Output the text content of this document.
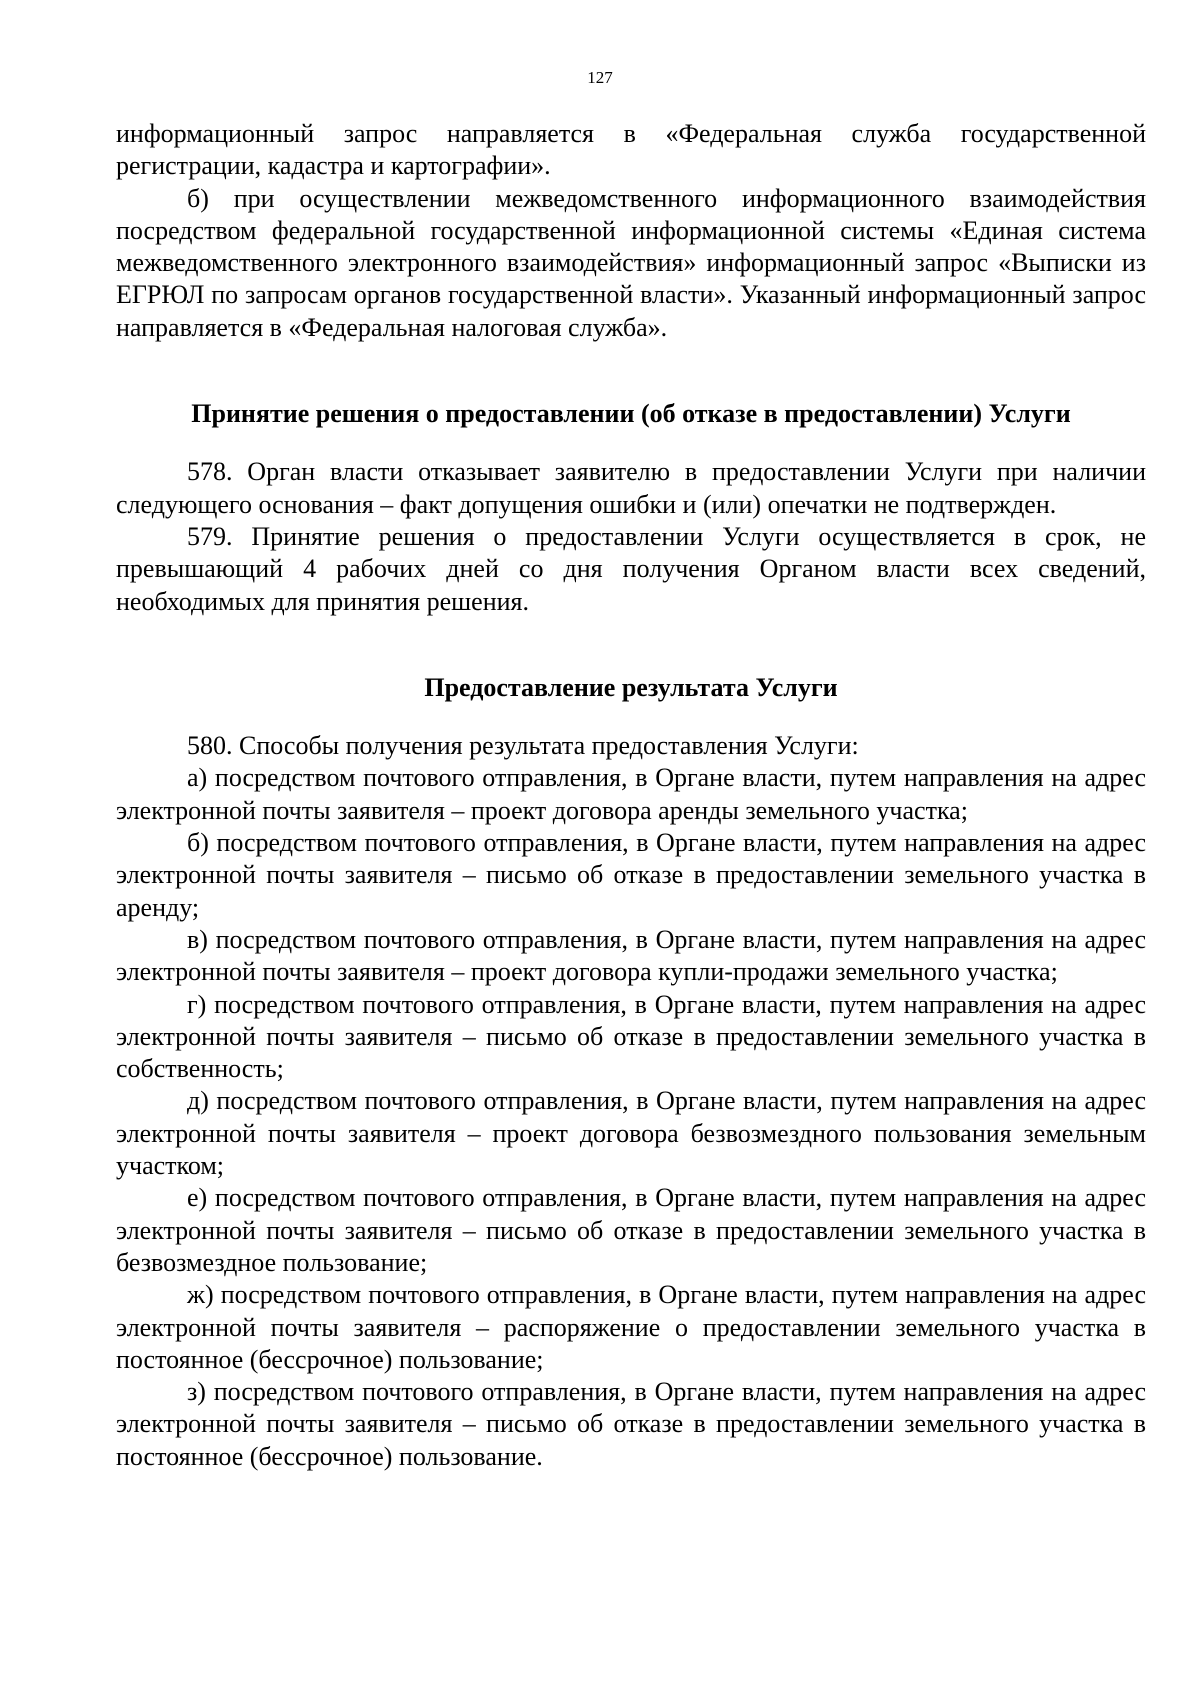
127

информационный запрос направляется в «Федеральная служба государственной регистрации, кадастра и картографии».

б) при осуществлении межведомственного информационного взаимодействия посредством федеральной государственной информационной системы «Единая система межведомственного электронного взаимодействия» информационный запрос «Выписки из ЕГРЮЛ по запросам органов государственной власти». Указанный информационный запрос направляется в «Федеральная налоговая служба».

Принятие решения о предоставлении (об отказе в предоставлении) Услуги

578. Орган власти отказывает заявителю в предоставлении Услуги при наличии следующего основания – факт допущения ошибки и (или) опечатки не подтвержден.

579. Принятие решения о предоставлении Услуги осуществляется в срок, не превышающий 4 рабочих дней со дня получения Органом власти всех сведений, необходимых для принятия решения.

Предоставление результата Услуги

580. Способы получения результата предоставления Услуги:

а) посредством почтового отправления, в Органе власти, путем направления на адрес электронной почты заявителя – проект договора аренды земельного участка;

б) посредством почтового отправления, в Органе власти, путем направления на адрес электронной почты заявителя – письмо об отказе в предоставлении земельного участка в аренду;

в) посредством почтового отправления, в Органе власти, путем направления на адрес электронной почты заявителя – проект договора купли-продажи земельного участка;

г) посредством почтового отправления, в Органе власти, путем направления на адрес электронной почты заявителя – письмо об отказе в предоставлении земельного участка в собственность;

д) посредством почтового отправления, в Органе власти, путем направления на адрес электронной почты заявителя – проект договора безвозмездного пользования земельным участком;

е) посредством почтового отправления, в Органе власти, путем направления на адрес электронной почты заявителя – письмо об отказе в предоставлении земельного участка в безвозмездное пользование;

ж) посредством почтового отправления, в Органе власти, путем направления на адрес электронной почты заявителя – распоряжение о предоставлении земельного участка в постоянное (бессрочное) пользование;

з) посредством почтового отправления, в Органе власти, путем направления на адрес электронной почты заявителя – письмо об отказе в предоставлении земельного участка в постоянное (бессрочное) пользование.
